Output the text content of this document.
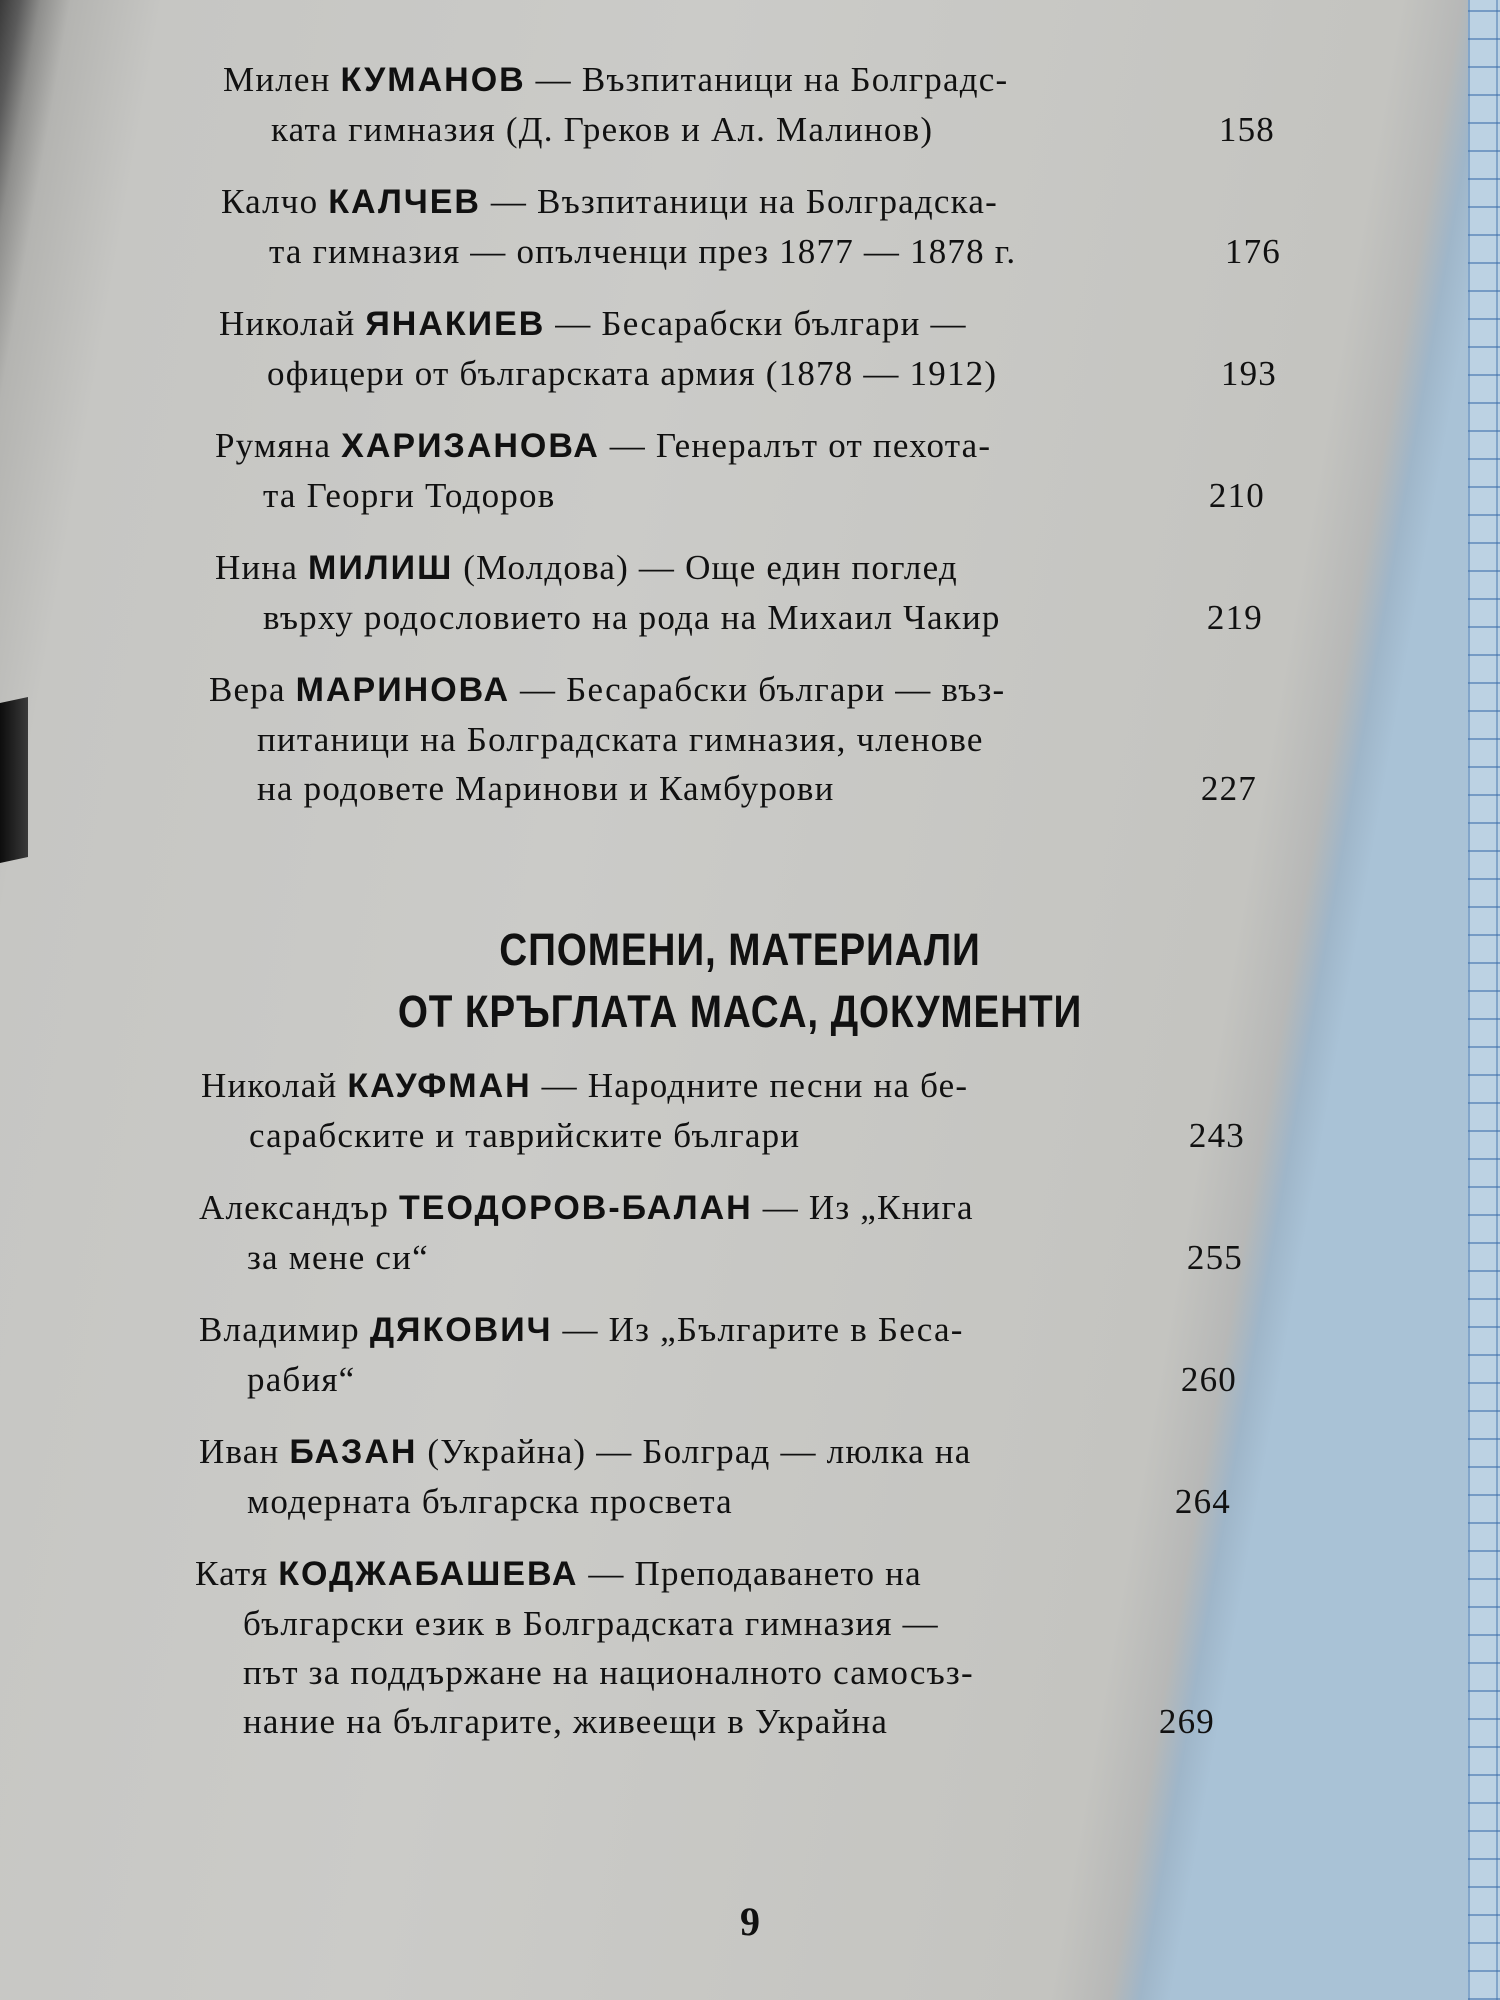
Милен КУМАНОВ — Възпитаници на Болградс-
ката гимназия (Д. Греков и Ал. Малинов)	158
Калчо КАЛЧЕВ — Възпитаници на Болградска-
та гимназия — опълченци през 1877 — 1878 г.	176
Николай ЯНАКИЕВ — Бесарабски българи —
офицери от българската армия (1878 — 1912)	193
Румяна ХАРИЗАНОВА — Генералът от пехота-
та Георги Тодоров	210
Нина МИЛИШ (Молдова) — Още един поглед
върху родословието на рода на Михаил Чакир	219
Вера МАРИНОВА — Бесарабски българи — въз-
питаници на Болградската гимназия, членове
на родовете Маринови и Камбурови	227
СПОМЕНИ, МАТЕРИАЛИ
ОТ КРЪГЛАТА МАСА, ДОКУМЕНТИ
Николай КАУФМАН — Народните песни на бе-
сарабските и таврийските българи	243
Александър ТЕОДОРОВ-БАЛАН — Из „Книга
за мене си“	255
Владимир ДЯКОВИЧ — Из „Българите в Беса-
рабия“	260
Иван БАЗАН (Украйна) — Болград — люлка на
модерната българска просвета	264
Катя КОДЖАБАШЕВА — Преподаването на
български език в Болградската гимназия —
път за поддържане на националното самосъз-
нание на българите, живеещи в Украйна	269
9
